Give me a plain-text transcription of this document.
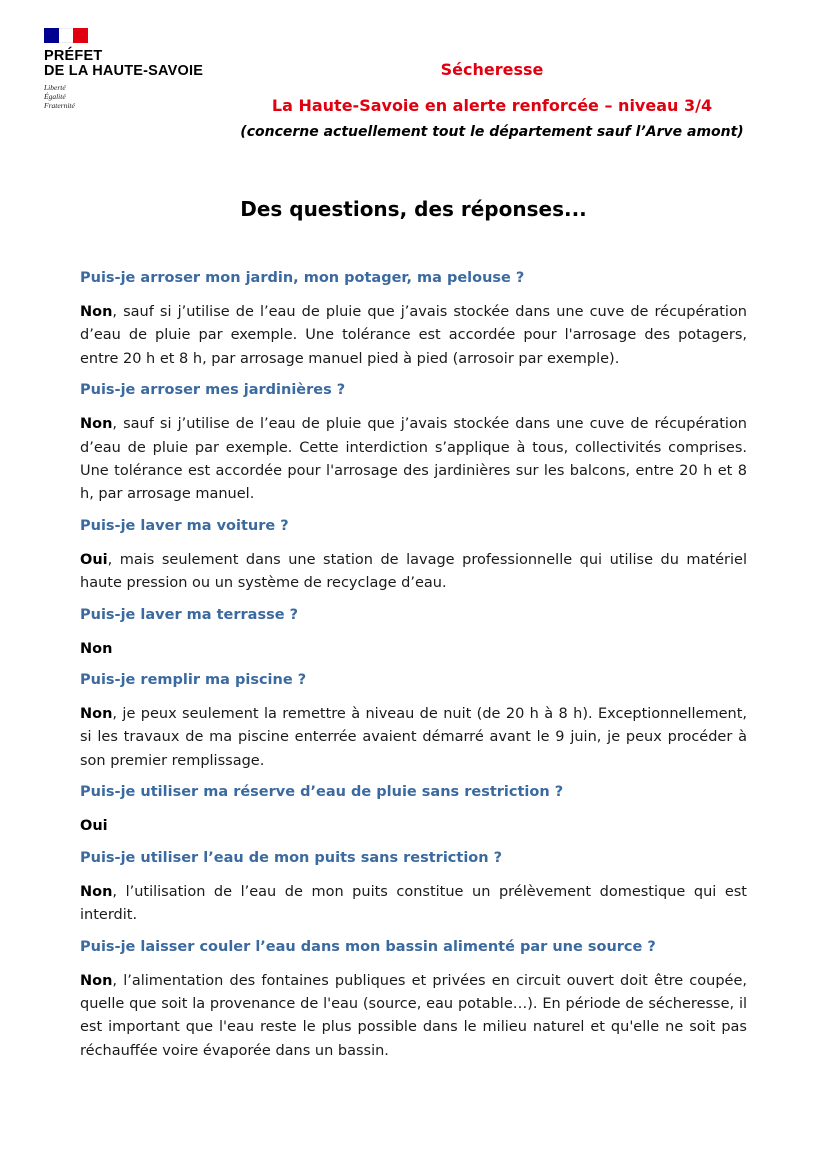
PRÉFET
DE LA HAUTE-SAVOIE
Liberté
Égalité
Fraternité
Sécheresse
La Haute-Savoie en alerte renforcée – niveau 3/4
(concerne actuellement tout le département sauf l’Arve amont)
Des questions, des réponses...

Puis-je arroser mon jardin, mon potager, ma pelouse ?

Non, sauf si j’utilise de l’eau de pluie que j’avais stockée dans une cuve de récupération d’eau de pluie par exemple. Une tolérance est accordée pour l'arrosage des potagers, entre 20 h et 8 h, par arrosage manuel pied à pied (arrosoir par exemple).

Puis-je arroser mes jardinières ?

Non, sauf si j’utilise de l’eau de pluie que j’avais stockée dans une cuve de récupération d’eau de pluie par exemple. Cette interdiction s’applique à tous, collectivités comprises. Une tolérance est accordée pour l'arrosage des jardinières sur les balcons, entre 20 h et 8 h, par arrosage manuel.

Puis-je laver ma voiture ?

Oui, mais seulement dans une station de lavage professionnelle qui utilise du matériel haute pression ou un système de recyclage d’eau.

Puis-je laver ma terrasse ?

Non

Puis-je remplir ma piscine ?

Non, je peux seulement la remettre à niveau de nuit (de 20 h à 8 h). Exceptionnellement, si les travaux de ma piscine enterrée avaient démarré avant le 9 juin, je peux procéder à son premier remplissage.

Puis-je utiliser ma réserve d’eau de pluie sans restriction ?

Oui

Puis-je utiliser l’eau de mon puits sans restriction ?

Non, l’utilisation de l’eau de mon puits constitue un prélèvement domestique qui est interdit.

Puis-je laisser couler l’eau dans mon bassin alimenté par une source ?

Non, l’alimentation des fontaines publiques et privées en circuit ouvert doit être coupée, quelle que soit la provenance de l'eau (source, eau potable…). En période de sécheresse, il est important que l'eau reste le plus possible dans le milieu naturel et qu'elle ne soit pas réchauffée voire évaporée dans un bassin.
